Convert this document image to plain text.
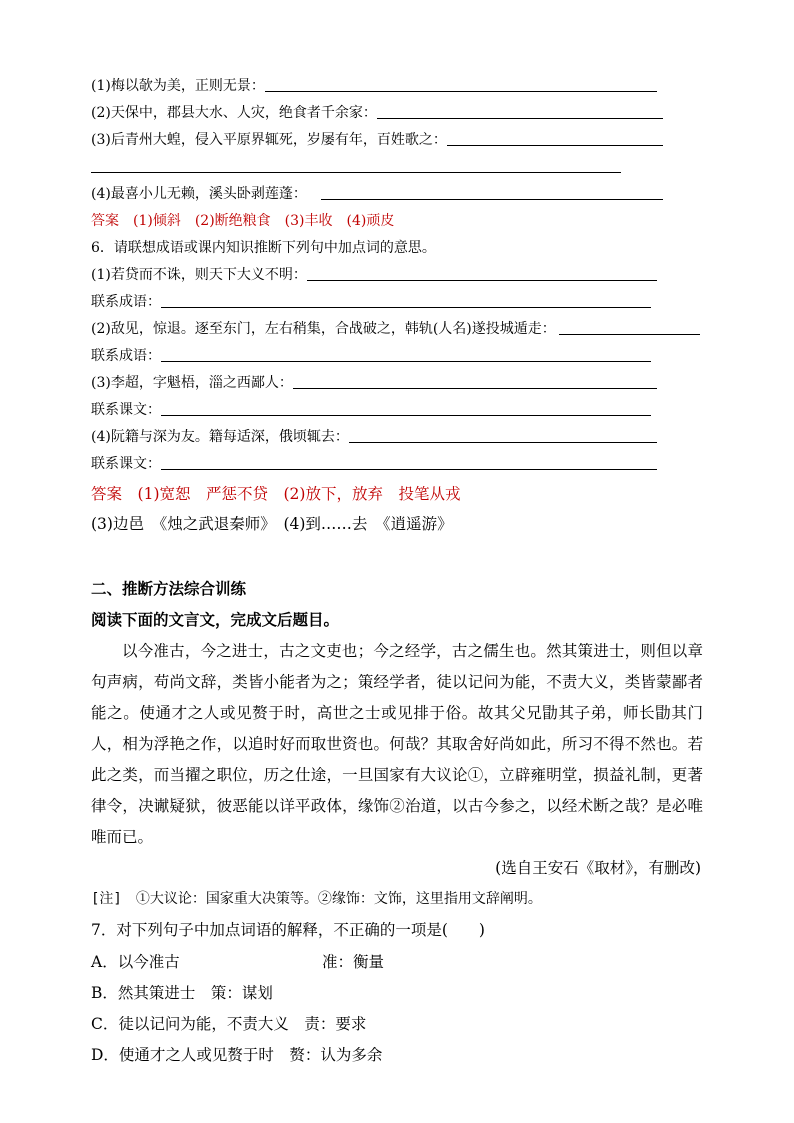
(1)梅以欹为美，正则无景：
(2)天保中，郡县大水、人灾，绝食者千余家：
(3)后青州大蝗，侵入平原界辄死，岁屡有年，百姓歌之：
(4)最喜小儿无赖，溪头卧剥莲蓬：
答案　 (1)倾斜　(2)断绝粮食　(3)丰收　(4)顽皮
6．请联想成语或课内知识推断下列句中加点词的意思。
(1)若贷而不诛，则天下大义不明：
联系成语：
(2)敌见，惊退。逐至东门，左右稍集，合战破之，韩轨(人名)遂投城遁走：
联系成语：
(3)李超，字魁梧，淄之西鄙人：
联系课文：
(4)阮籍与深为友。籍每适深，俄顷辄去：
联系课文：
答案　 (1)宽恕　严惩不贷　(2)放下，放弃　投笔从戎
(3)边邑　《烛之武退秦师》　(4)到……去　《逍遥游》
二、推断方法综合训练
阅读下面的文言文，完成文后题目。

以今准古，今之进士，古之文吏也；今之经学，古之儒生也。然其策进士，则但以章句声病，苟尚文辞，类皆小能者为之；策经学者，徒以记问为能，不责大义，类皆蒙鄙者能之。使通才之人或见赘于时，高世之士或见排于俗。故其父兄勖其子弟，师长勖其门人，相为浮艳之作，以追时好而取世资也。何哉？其取舍好尚如此，所习不得不然也。若此之类，而当擢之职位，历之仕途，一旦国家有大议论①，立辟雍明堂，损益礼制，更著律令，决谳疑狱，彼恶能以详平政体，缘饰②治道，以古今参之，以经术断之哉？是必唯唯而已。

(选自王安石《取材》，有删改)
[注]　 ①大议论：国家重大决策等。②缘饰：文饰，这里指用文辞阐明。
7．对下列句子中加点词语的解释，不正确的一项是(　　)
A．以今准古	准：衡量
B．然其策进士　策：谋划
C．徒以记问为能，不责大义　责：要求
D．使通才之人或见赘于时　赘：认为多余
